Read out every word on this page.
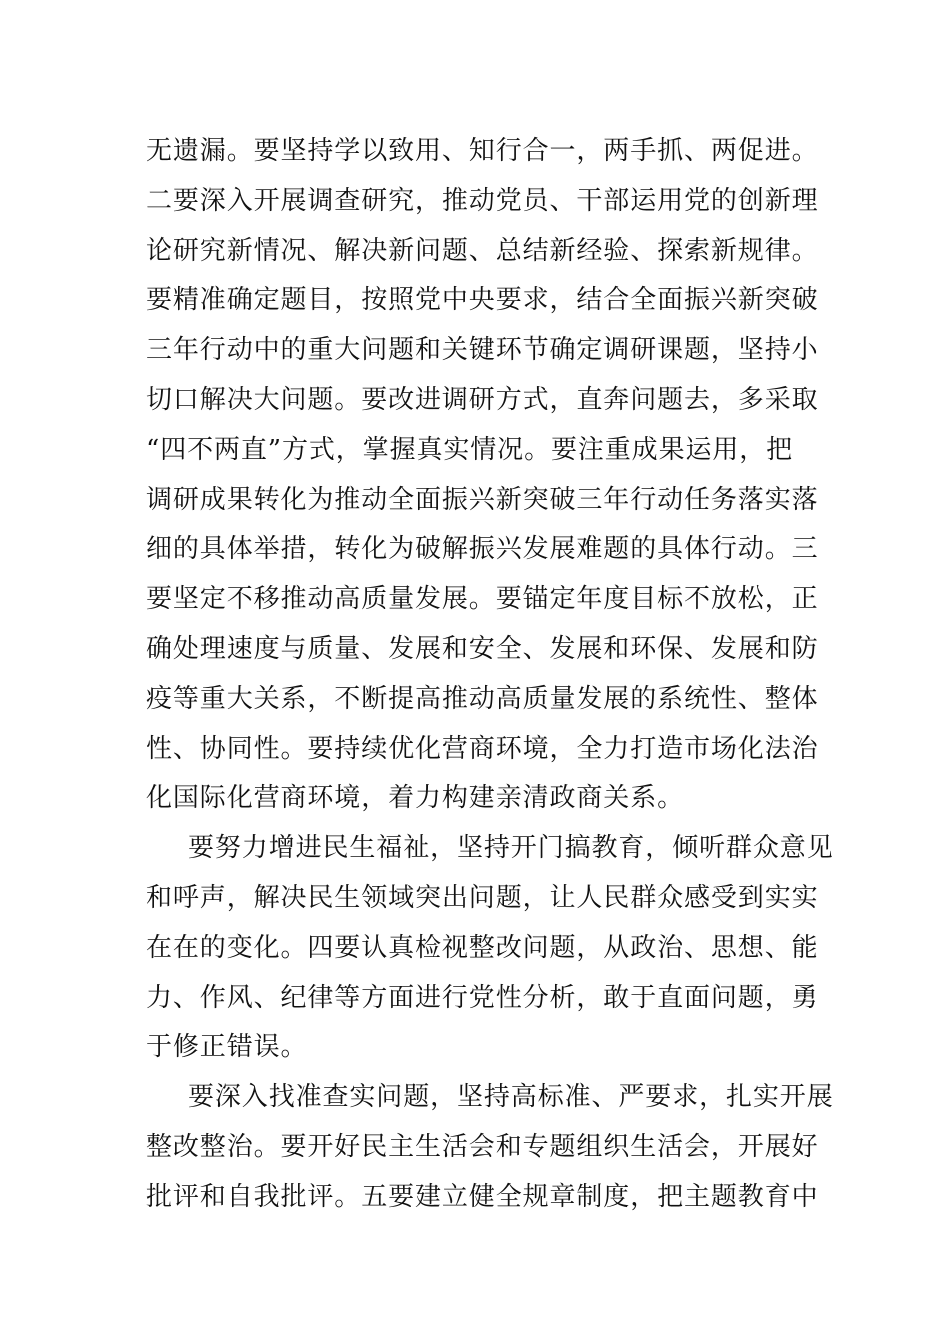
无遗漏。要坚持学以致用、知行合一，两手抓、两促进。
二要深入开展调查研究，推动党员、干部运用党的创新理
论研究新情况、解决新问题、总结新经验、探索新规律。
要精准确定题目，按照党中央要求，结合全面振兴新突破
三年行动中的重大问题和关键环节确定调研课题，坚持小
切口解决大问题。要改进调研方式，直奔问题去，多采取
“四不两直”方式，掌握真实情况。要注重成果运用，把
调研成果转化为推动全面振兴新突破三年行动任务落实落
细的具体举措，转化为破解振兴发展难题的具体行动。三
要坚定不移推动高质量发展。要锚定年度目标不放松，正
确处理速度与质量、发展和安全、发展和环保、发展和防
疫等重大关系，不断提高推动高质量发展的系统性、整体
性、协同性。要持续优化营商环境，全力打造市场化法治
化国际化营商环境，着力构建亲清政商关系。
要努力增进民生福祉，坚持开门搞教育，倾听群众意见
和呼声，解决民生领域突出问题，让人民群众感受到实实
在在的变化。四要认真检视整改问题，从政治、思想、能
力、作风、纪律等方面进行党性分析，敢于直面问题，勇
于修正错误。
要深入找准查实问题，坚持高标准、严要求，扎实开展
整改整治。要开好民主生活会和专题组织生活会，开展好
批评和自我批评。五要建立健全规章制度，把主题教育中
